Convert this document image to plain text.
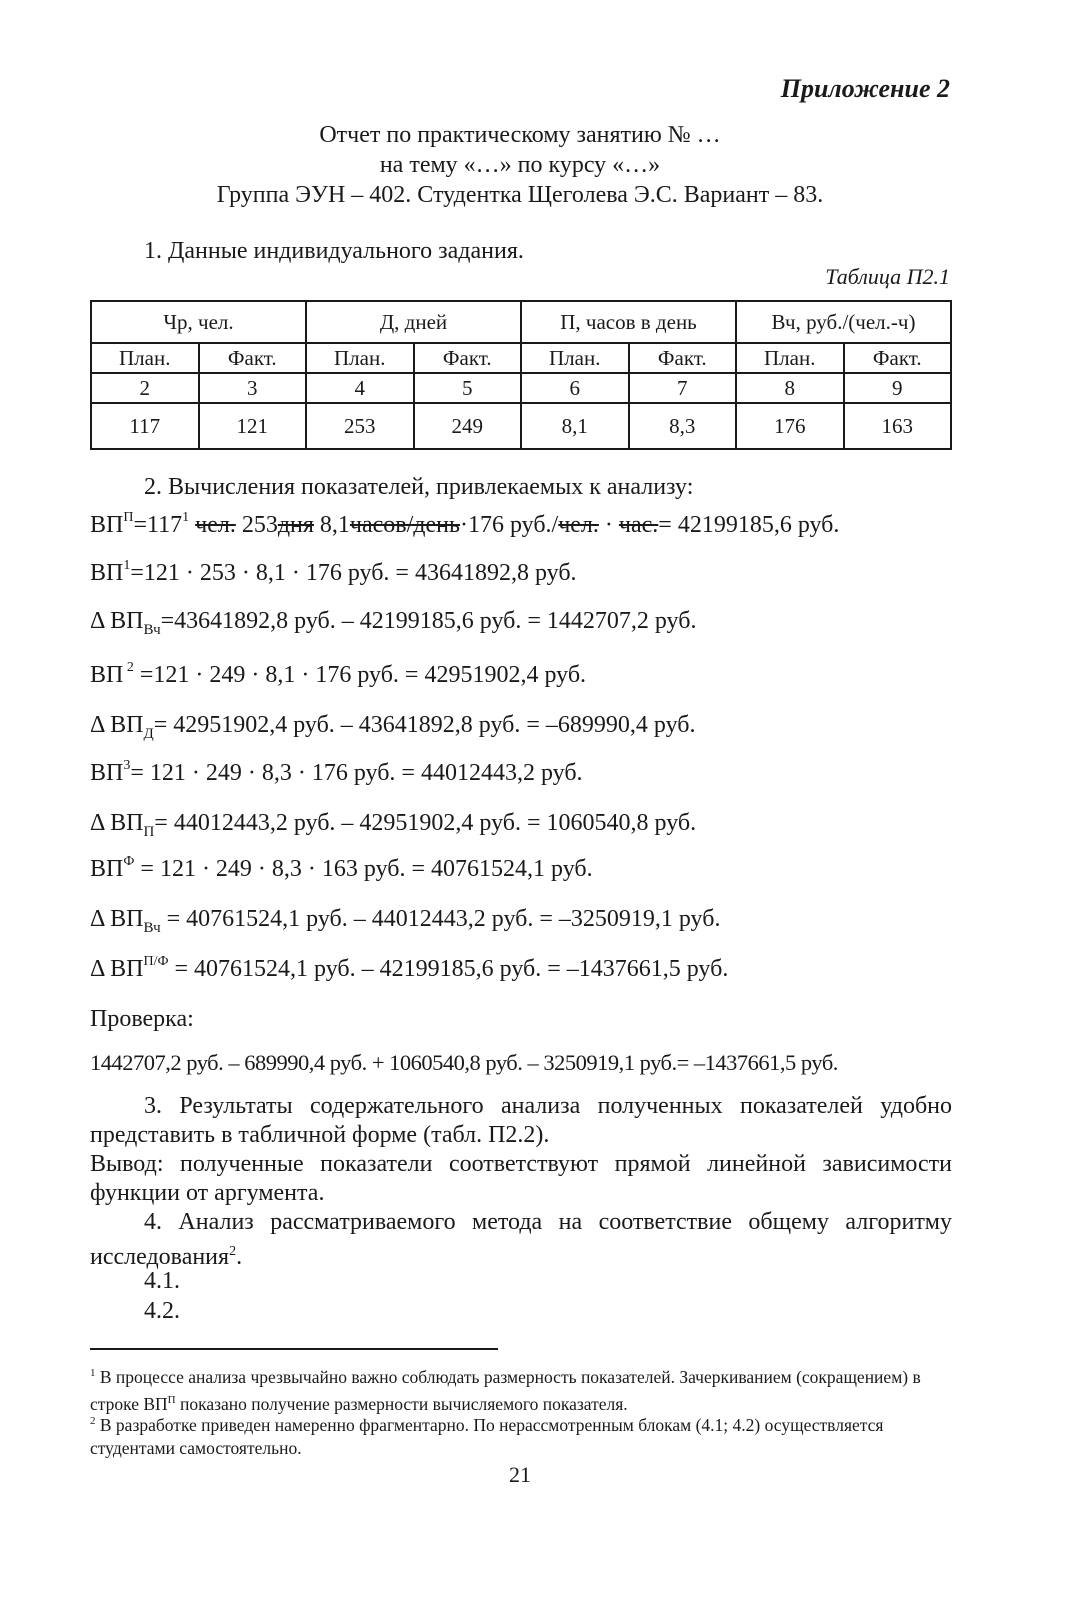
Приложение 2
Отчет по практическому занятию № …
на тему «…» по курсу «…»
Группа ЭУН – 402. Студентка Щеголева Э.С. Вариант – 83.
1. Данные индивидуального задания.
Таблица П2.1
Чр, чел.		Д, дней		П, часов в день		Вч, руб./(чел.-ч)	
План.	Факт.	План.	Факт.	План.	Факт.	План.	Факт.
2	3	4	5	6	7	8	9
117	121	253	249	8,1	8,3	176	163
2. Вычисления показателей, привлекаемых к анализу:
$ВП^П=117^1$ чел. 253дня 8,1часов/день·176 руб./чел. · час.= 42199185,6 руб.
$ВП^1=121 \cdot 253 \cdot 8,1 \cdot 176$ руб. = 43641892,8 руб.
Δ $ВП_{Вч}=43641892,8$ руб. – 42199185,6 руб. = 1442707,2 руб.
ВП $^2$ =121 · 249 · 8,1 · 176 руб. = 42951902,4 руб.
Δ $ВП_Д= 42951902,4$ руб. – 43641892,8 руб. = –689990,4 руб.
$ВП^3= 121 \cdot 249 \cdot 8,3 \cdot 176$ руб. = 44012443,2 руб.
Δ $ВП_П= 44012443,2$ руб. – 42951902,4 руб. = 1060540,8 руб.
$ВП^Ф = 121 \cdot 249 \cdot 8,3 \cdot 163$ руб. = 40761524,1 руб.
Δ $ВП_{Вч} = 40761524,1$ руб. – 44012443,2 руб. = –3250919,1 руб.
Δ $ВП^{П/Ф} = 40761524,1$ руб. – 42199185,6 руб. = –1437661,5 руб.
Проверка:
1442707,2 руб. – 689990,4 руб. + 1060540,8 руб. – 3250919,1 руб.= –1437661,5 руб.
3. Результаты содержательного анализа полученных показателей удобно представить в табличной форме (табл. П2.2).
Вывод: полученные показатели соответствуют прямой линейной зависимости функции от аргумента.
4. Анализ рассматриваемого метода на соответствие общему алгоритму исследования$^2$.
4.1.
4.2.
$^1$ В процессе анализа чрезвычайно важно соблюдать размерность показателей. Зачеркиванием (сокращением) в строке $ВП^П$ показано получение размерности вычисляемого показателя.
$^2$ В разработке приведен намеренно фрагментарно. По нерассмотренным блокам (4.1; 4.2) осуществляется студентами самостоятельно.
21
